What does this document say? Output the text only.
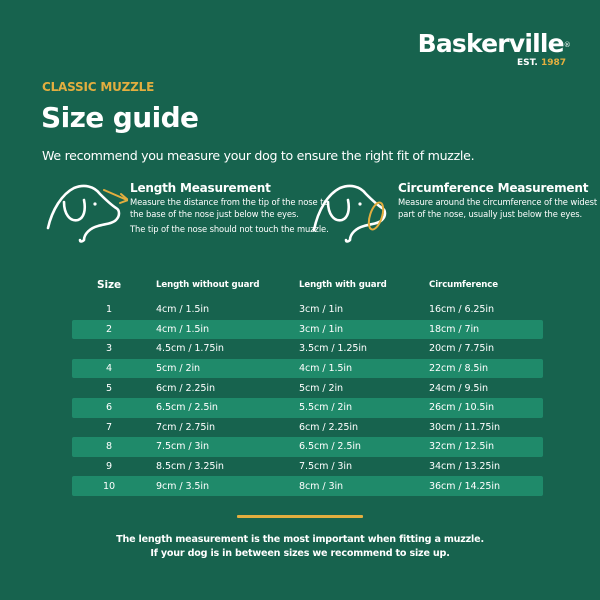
Baskerville®
EST. 1987
CLASSIC MUZZLE
Size guide

We recommend you measure your dog to ensure the right fit of muzzle.

Length Measurement

Measure the distance from the tip of the nose to the base of the nose just below the eyes.

The tip of the nose should not touch the muzzle.

Circumference Measurement

Measure around the circumference of the widest part of the nose, usually just below the eyes.

Size	Length without guard	Length with guard	Circumference
1	4cm / 1.5in	3cm / 1in	16cm / 6.25in
2	4cm / 1.5in	3cm / 1in	18cm / 7in
3	4.5cm / 1.75in	3.5cm / 1.25in	20cm / 7.75in
4	5cm / 2in	4cm / 1.5in	22cm / 8.5in
5	6cm / 2.25in	5cm / 2in	24cm / 9.5in
6	6.5cm / 2.5in	5.5cm / 2in	26cm / 10.5in
7	7cm / 2.75in	6cm / 2.25in	30cm / 11.75in
8	7.5cm / 3in	6.5cm / 2.5in	32cm / 12.5in
9	8.5cm / 3.25in	7.5cm / 3in	34cm / 13.25in
10	9cm / 3.5in	8cm / 3in	36cm / 14.25in
The length measurement is the most important when fitting a muzzle.
If your dog is in between sizes we recommend to size up.
